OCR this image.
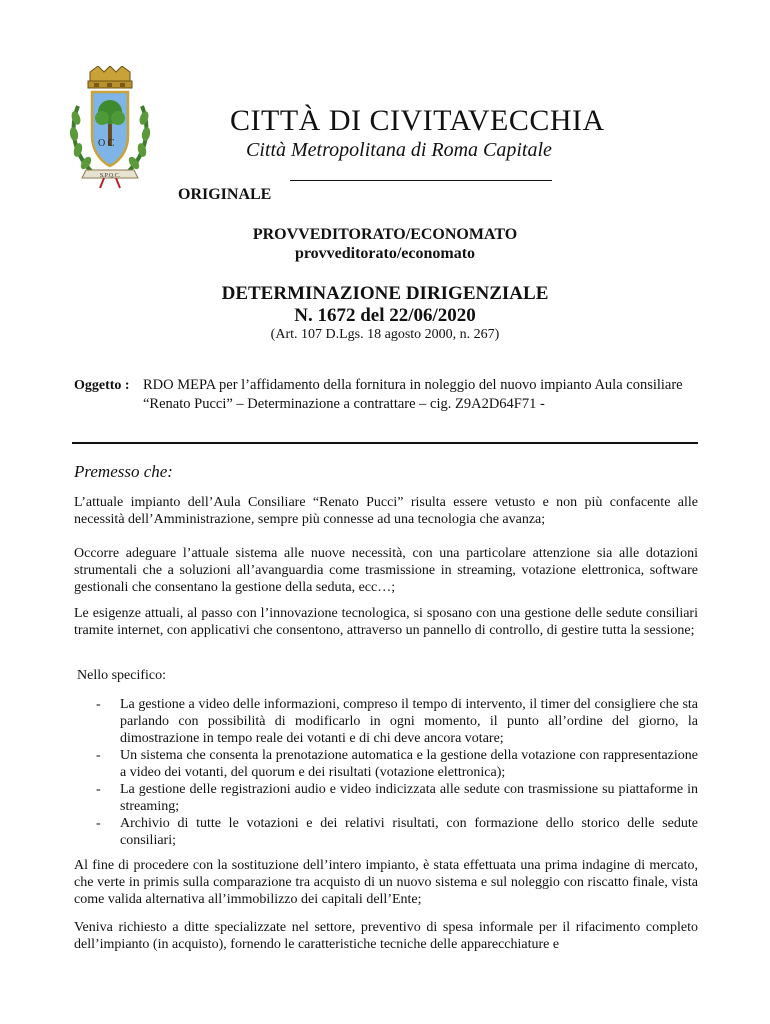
O C
S.P.Q.C.
CITTÀ DI CIVITAVECCHIA
Città Metropolitana di Roma Capitale
ORIGINALE
PROVVEDITORATO/ECONOMATO
provveditorato/economato
DETERMINAZIONE DIRIGENZIALE
N. 1672 del 22/06/2020
(Art. 107 D.Lgs. 18 agosto 2000, n. 267)
Oggetto : RDO MEPA per l’affidamento della fornitura in noleggio del nuovo impianto Aula consiliare “Renato Pucci” – Determinazione a contrattare – cig. Z9A2D64F71 -
Premesso che:
L’attuale impianto dell’Aula Consiliare “Renato Pucci” risulta essere vetusto e non più confacente alle necessità dell’Amministrazione, sempre più connesse ad una tecnologia che avanza;
Occorre adeguare l’attuale sistema alle nuove necessità, con una particolare attenzione sia alle dotazioni strumentali che a soluzioni all’avanguardia come trasmissione in streaming, votazione elettronica, software gestionali che consentano la gestione della seduta, ecc…;
Le esigenze attuali, al passo con l’innovazione tecnologica, si sposano con una gestione delle sedute consiliari tramite internet, con applicativi che consentono, attraverso un pannello di controllo, di gestire tutta la sessione;
Nello specifico:
- La gestione a video delle informazioni, compreso il tempo di intervento, il timer del consigliere che sta parlando con possibilità di modificarlo in ogni momento, il punto all’ordine del giorno, la dimostrazione in tempo reale dei votanti e di chi deve ancora votare;
- Un sistema che consenta la prenotazione automatica e la gestione della votazione con rappresentazione a video dei votanti, del quorum e dei risultati (votazione elettronica);
- La gestione delle registrazioni audio e video indicizzata alle sedute con trasmissione su piattaforme in streaming;
- Archivio di tutte le votazioni e dei relativi risultati, con formazione dello storico delle sedute consiliari;
Al fine di procedere con la sostituzione dell’intero impianto, è stata effettuata una prima indagine di mercato, che verte in primis sulla comparazione tra acquisto di un nuovo sistema e sul noleggio con riscatto finale, vista come valida alternativa all’immobilizzo dei capitali dell’Ente;
Veniva richiesto a ditte specializzate nel settore, preventivo di spesa informale per il rifacimento completo dell’impianto (in acquisto), fornendo le caratteristiche tecniche delle apparecchiature e
